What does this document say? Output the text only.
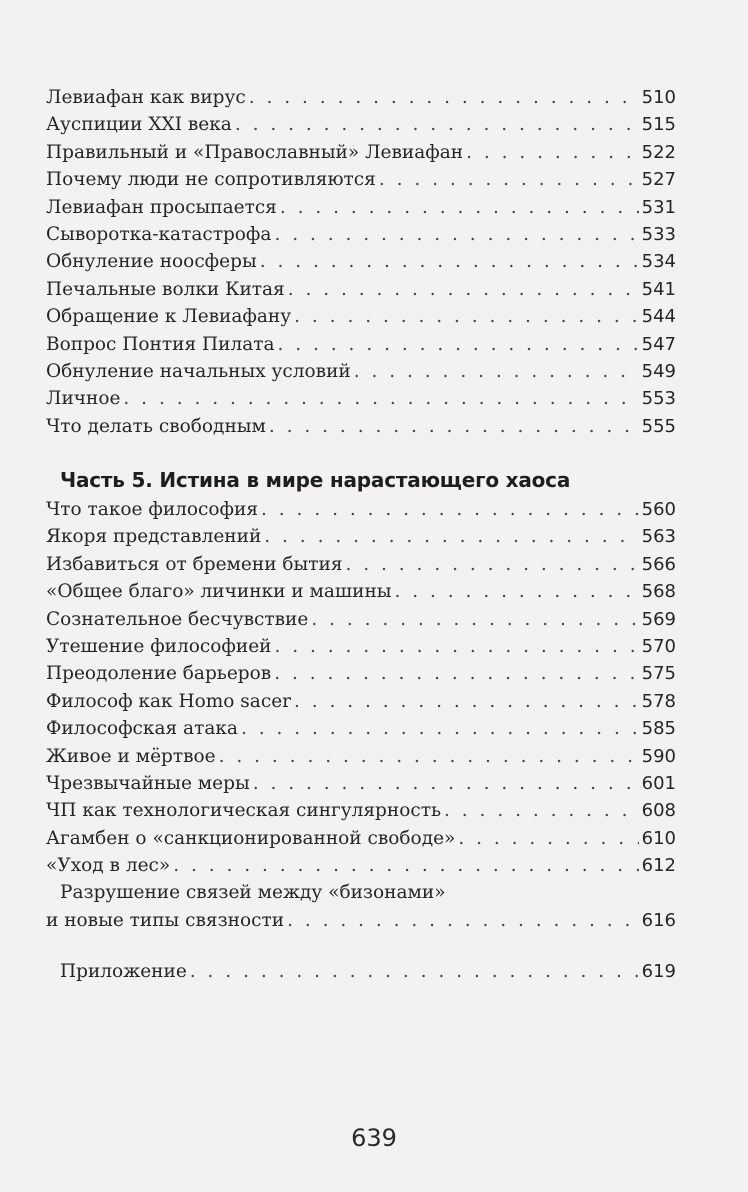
Левиафан как вирус . . .	510
Ауспиции XXI века . . .	515
Правильный и «Православный» Левиафан . . .	522
Почему люди не сопротивляются . . .	527
Левиафан просыпается . . .	531
Сыворотка-катастрофа . . .	533
Обнуление ноосферы . . .	534
Печальные волки Китая . . .	541
Обращение к Левиафану . . .	544
Вопрос Понтия Пилата . . .	547
Обнуление начальных условий . . .	549
Личное . . .	553
Что делать свободным . . .	555
Часть 5. Истина в мире нарастающего хаоса
Что такое философия . . .	560
Якоря представлений . . .	563
Избавиться от бремени бытия . . .	566
«Общее благо» личинки и машины . . .	568
Сознательное бесчувствие . . .	569
Утешение философией . . .	570
Преодоление барьеров . . .	575
Философ как Homo sacer . . .	578
Философская атака . . .	585
Живое и мёртвое . . .	590
Чрезвычайные меры . . .	601
ЧП как технологическая сингулярность . . .	608
Агамбен о «санкционированной свободе» . . .	610
«Уход в лес» . . .	612
Разрушение связей между «бизонами»
и новые типы связности . . .	616
Приложение . . .	619
639
